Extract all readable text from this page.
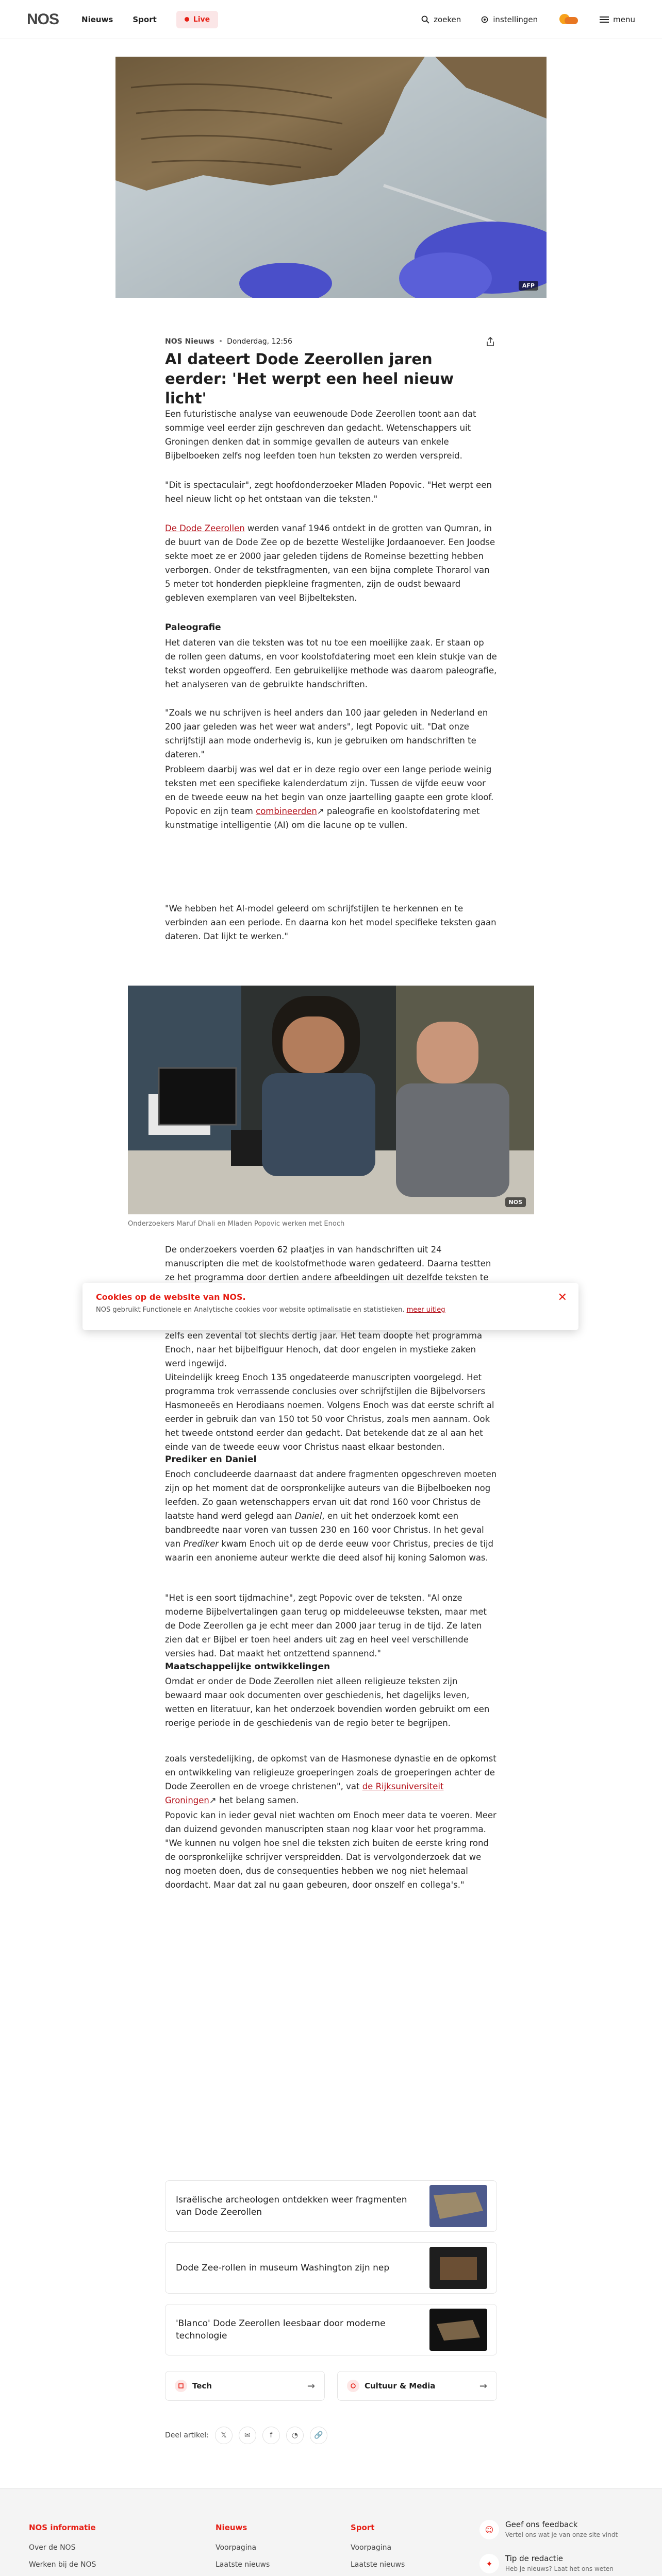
NOS	Nieuws	Sport	Live	zoeken	instellingen	menu
AFP
NOS Nieuws • Donderdag, 12:56
AI dateert Dode Zeerollen jaren eerder: 'Het werpt een heel nieuw licht'

Een futuristische analyse van eeuwenoude Dode Zeerollen toont aan dat sommige veel eerder zijn geschreven dan gedacht. Wetenschappers uit Groningen denken dat in sommige gevallen de auteurs van enkele Bijbelboeken zelfs nog leefden toen hun teksten zo werden verspreid.

"Dit is spectaculair", zegt hoofdonderzoeker Mladen Popovic. "Het werpt een heel nieuw licht op het ontstaan van die teksten."

De Dode Zeerollen werden vanaf 1946 ontdekt in de grotten van Qumran, in de buurt van de Dode Zee op de bezette Westelijke Jordaanoever. Een Joodse sekte moet ze er 2000 jaar geleden tijdens de Romeinse bezetting hebben verborgen. Onder de tekstfragmenten, van een bijna complete Thorarol van 5 meter tot honderden piepkleine fragmenten, zijn de oudst bewaard gebleven exemplaren van veel Bijbelteksten.

Paleografie

Het dateren van die teksten was tot nu toe een moeilijke zaak. Er staan op de rollen geen datums, en voor koolstofdatering moet een klein stukje van de tekst worden opgeofferd. Een gebruikelijke methode was daarom paleografie, het analyseren van de gebruikte handschriften.

"Zoals we nu schrijven is heel anders dan 100 jaar geleden in Nederland en 200 jaar geleden was het weer wat anders", legt Popovic uit. "Dat onze schrijfstijl aan mode onderhevig is, kun je gebruiken om handschriften te dateren."

Probleem daarbij was wel dat er in deze regio over een lange periode weinig teksten met een specifieke kalenderdatum zijn. Tussen de vijfde eeuw voor en de tweede eeuw na het begin van onze jaartelling gaapte een grote kloof. Popovic en zijn team combineerden↗ paleografie en koolstofdatering met kunstmatige intelligentie (AI) om die lacune op te vullen.

"We hebben het AI-model geleerd om schrijfstijlen te herkennen en te verbinden aan een periode. En daarna kon het model specifieke teksten gaan dateren. Dat lijkt te werken."

NOS

Onderzoekers Maruf Dhali en Mladen Popovic werken met Enoch

De onderzoekers voerden 62 plaatjes in van handschriften uit 24 manuscripten die met de koolstofmethode waren gedateerd. Daarna testten ze het programma door dertien andere afbeeldingen uit dezelfde teksten te

zelfs een zevental tot slechts dertig jaar. Het team doopte het programma Enoch, naar het bijbelfiguur Henoch, dat door engelen in mystieke zaken werd ingewijd.

Uiteindelijk kreeg Enoch 135 ongedateerde manuscripten voorgelegd. Het programma trok verrassende conclusies over schrijfstijlen die Bijbelvorsers Hasmoneeës en Herodiaans noemen. Volgens Enoch was dat eerste schrift al eerder in gebruik dan van 150 tot 50 voor Christus, zoals men aannam. Ook het tweede ontstond eerder dan gedacht. Dat betekende dat ze al aan het einde van de tweede eeuw voor Christus naast elkaar bestonden.

Prediker en Daniel

Enoch concludeerde daarnaast dat andere fragmenten opgeschreven moeten zijn op het moment dat de oorspronkelijke auteurs van die Bijbelboeken nog leefden. Zo gaan wetenschappers ervan uit dat rond 160 voor Christus de laatste hand werd gelegd aan Daniel, en uit het onderzoek komt een bandbreedte naar voren van tussen 230 en 160 voor Christus. In het geval van Prediker kwam Enoch uit op de derde eeuw voor Christus, precies de tijd waarin een anonieme auteur werkte die deed alsof hij koning Salomon was.

"Het is een soort tijdmachine", zegt Popovic over de teksten. "Al onze moderne Bijbelvertalingen gaan terug op middeleeuwse teksten, maar met de Dode Zeerollen ga je echt meer dan 2000 jaar terug in de tijd. Ze laten zien dat er Bijbel er toen heel anders uit zag en heel veel verschillende versies had. Dat maakt het ontzettend spannend."

Maatschappelijke ontwikkelingen

Omdat er onder de Dode Zeerollen niet alleen religieuze teksten zijn bewaard maar ook documenten over geschiedenis, het dagelijks leven, wetten en literatuur, kan het onderzoek bovendien worden gebruikt om een roerige periode in de geschiedenis van de regio beter te begrijpen.

Cookies op de website van NOS.
NOS gebruikt Functionele en Analytische cookies voor website optimalisatie en statistieken. meer uitleg
✕

zoals verstedelijking, de opkomst van de Hasmonese dynastie en de opkomst en ontwikkeling van religieuze groeperingen zoals de groeperingen achter de Dode Zeerollen en de vroege christenen", vat de Rijksuniversiteit Groningen↗ het belang samen.

Popovic kan in ieder geval niet wachten om Enoch meer data te voeren. Meer dan duizend gevonden manuscripten staan nog klaar voor het programma. "We kunnen nu volgen hoe snel die teksten zich buiten de eerste kring rond de oorspronkelijke schrijver verspreidden. Dat is vervolgonderzoek dat we nog moeten doen, dus de consequenties hebben we nog niet helemaal doordacht. Maar dat zal nu gaan gebeuren, door onszelf en collega's."

Israëlische archeologen ontdekken weer fragmenten van Dode Zeerollen
Dode Zee-rollen in museum Washington zijn nep
'Blanco' Dode Zeerollen leesbaar door moderne technologie
Tech	→	Cultuur & Media	→
Deel artikel:	𝕏	✉	f	◔	🔗
NOS informatie
Over de NOS
Werken bij de NOS
Nieuws
Voorpagina
Laatste nieuws
Sport
Voorpagina
Laatste nieuws
☺
Geef ons feedback
Vertel ons wat je van onze site vindt
✦
Tip de redactie
Heb je nieuws? Laat het ons weten
